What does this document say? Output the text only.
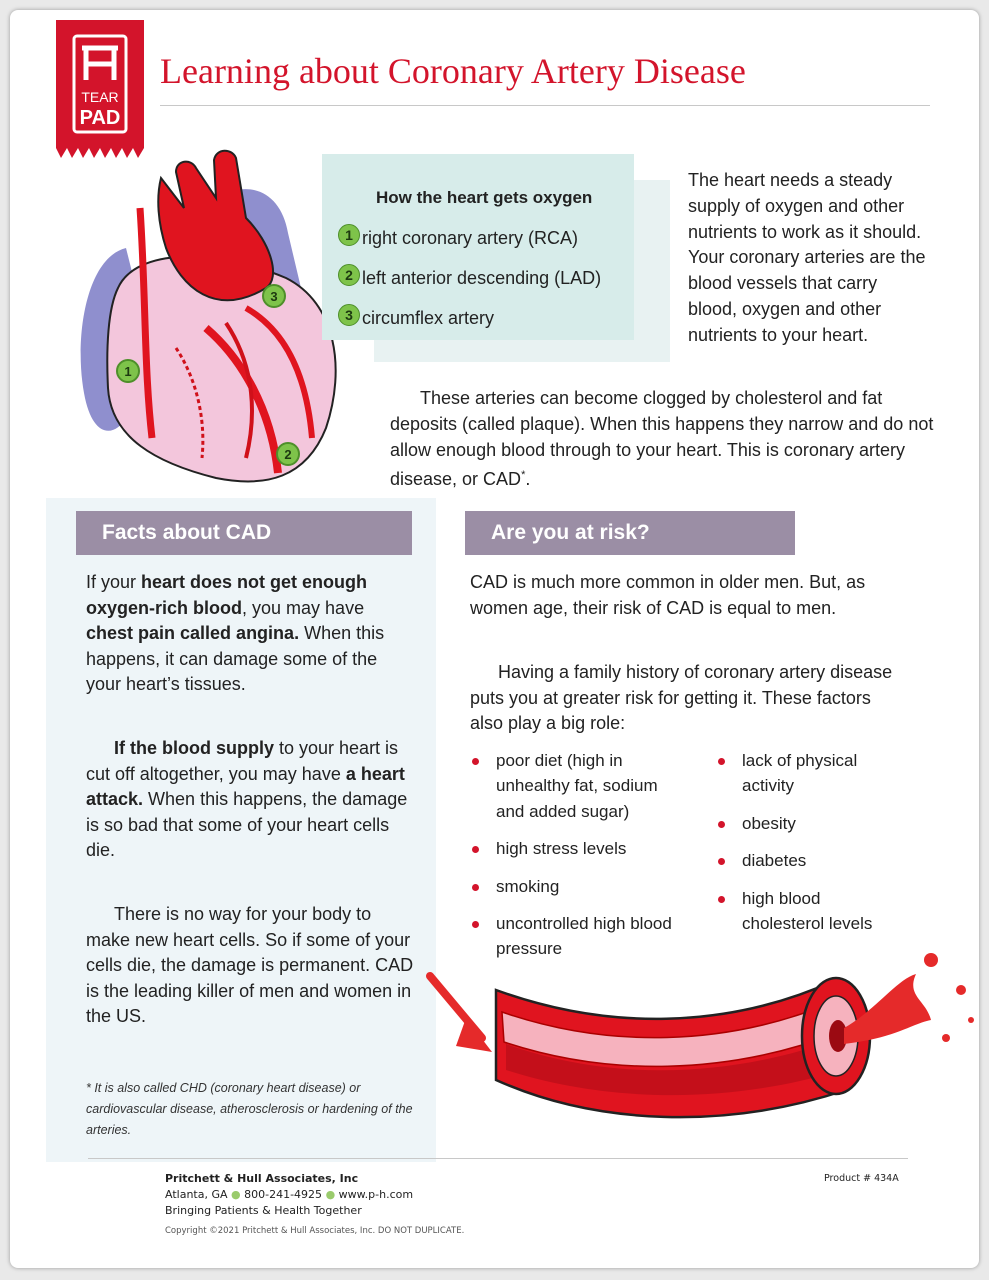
TEAR
PAD
Learning about Coronary Artery Disease
1
2
3

How the heart gets oxygen

1 right coronary artery (RCA)
2 left anterior descending (LAD)
3 circumflex artery

The heart needs a steady supply of oxygen and other nutrients to work as it should. Your coronary arteries are the blood vessels that carry blood, oxygen and other nutrients to your heart.

These arteries can become clogged by cholesterol and fat deposits (called plaque). When this happens they narrow and do not allow enough blood through to your heart. This is coronary artery disease, or CAD*.

Facts about CAD

If your heart does not get enough oxygen-rich blood, you may have chest pain called angina. When this happens, it can damage some of the your heart’s tissues.

If the blood supply to your heart is cut off altogether, you may have a heart attack. When this happens, the damage is so bad that some of your heart cells die.

There is no way for your body to make new heart cells. So if some of your cells die, the damage is permanent. CAD is the leading killer of men and women in the US.

* It is also called CHD (coronary heart disease) or cardiovascular disease, atherosclerosis or hardening of the arteries.

Are you at risk?

CAD is much more common in older men. But, as women age, their risk of CAD is equal to men.

Having a family history of coronary artery disease puts you at greater risk for getting it. These factors also play a big role:

poor diet (high in unhealthy fat, sodium and added sugar)
high stress levels
smoking
uncontrolled high blood pressure
lack of physical activity
obesity
diabetes
high blood cholesterol levels

Pritchett & Hull Associates, Inc

Atlanta, GA ● 800-241-4925 ● www.p-h.com

Bringing Patients & Health Together

Copyright ©2021 Pritchett & Hull Associates, Inc. DO NOT DUPLICATE.

Product # 434A
